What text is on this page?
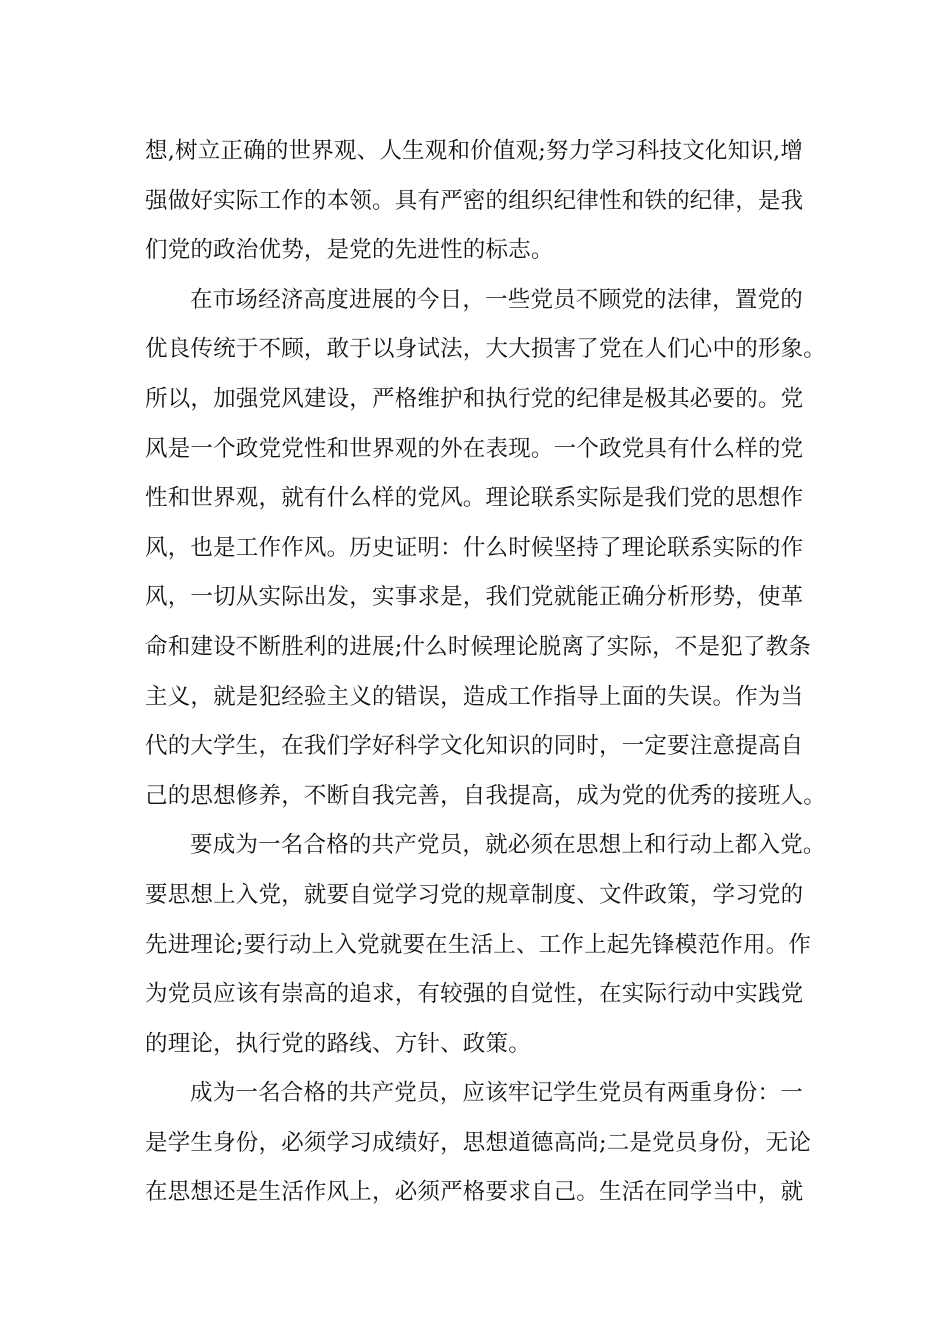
想,树立正确的世界观、人生观和价值观;努力学习科技文化知识,增
强做好实际工作的本领。具有严密的组织纪律性和铁的纪律，是我
们党的政治优势，是党的先进性的标志。

在市场经济高度进展的今日，一些党员不顾党的法律，置党的
优良传统于不顾，敢于以身试法，大大损害了党在人们心中的形象。
所以，加强党风建设，严格维护和执行党的纪律是极其必要的。党
风是一个政党党性和世界观的外在表现。一个政党具有什么样的党
性和世界观，就有什么样的党风。理论联系实际是我们党的思想作
风，也是工作作风。历史证明：什么时候坚持了理论联系实际的作
风，一切从实际出发，实事求是，我们党就能正确分析形势，使革
命和建设不断胜利的进展;什么时候理论脱离了实际，不是犯了教条
主义，就是犯经验主义的错误，造成工作指导上面的失误。作为当
代的大学生，在我们学好科学文化知识的同时，一定要注意提高自
己的思想修养，不断自我完善，自我提高，成为党的优秀的接班人。

要成为一名合格的共产党员，就必须在思想上和行动上都入党。
要思想上入党，就要自觉学习党的规章制度、文件政策，学习党的
先进理论;要行动上入党就要在生活上、工作上起先锋模范作用。作
为党员应该有崇高的追求，有较强的自觉性，在实际行动中实践党
的理论，执行党的路线、方针、政策。

成为一名合格的共产党员，应该牢记学生党员有两重身份：一
是学生身份，必须学习成绩好，思想道德高尚;二是党员身份，无论
在思想还是生活作风上，必须严格要求自己。生活在同学当中，就
